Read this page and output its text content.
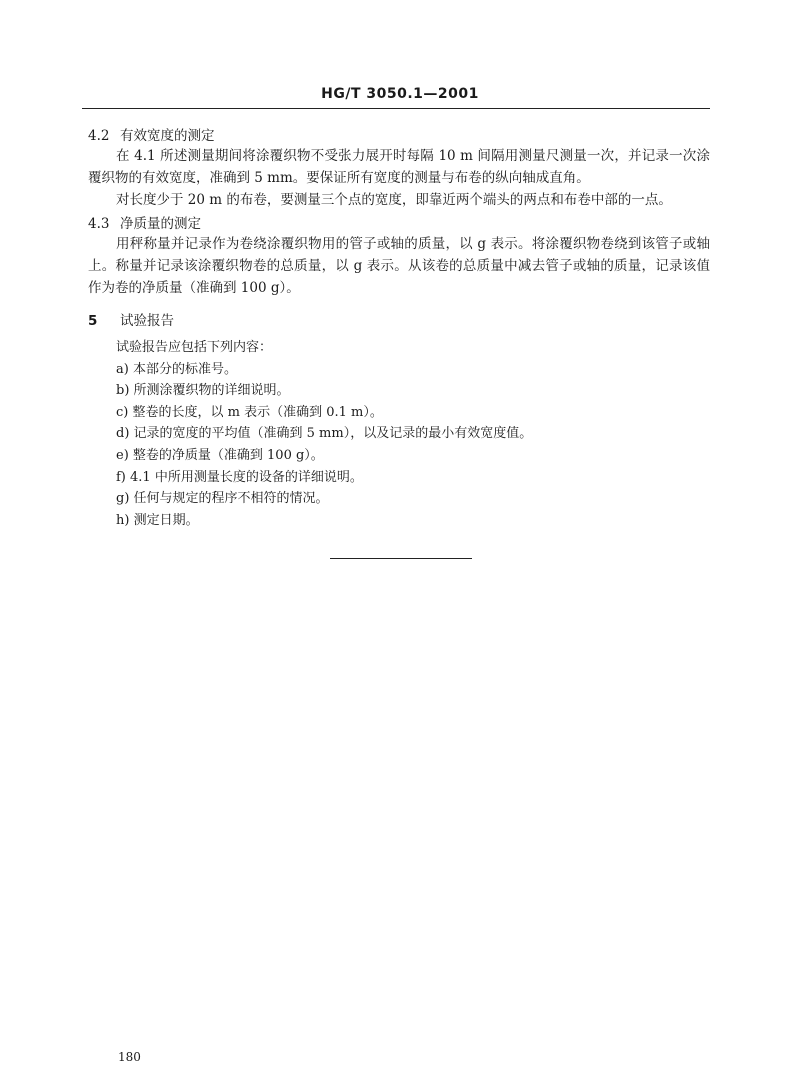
HG/T 3050.1—2001
4.2 有效宽度的测定
在 4.1 所述测量期间将涂覆织物不受张力展开时每隔 10 m 间隔用测量尺测量一次，并记录一次涂覆织物的有效宽度，准确到 5 mm。要保证所有宽度的测量与布卷的纵向轴成直角。
对长度少于 20 m 的布卷，要测量三个点的宽度，即靠近两个端头的两点和布卷中部的一点。
4.3 净质量的测定
用秤称量并记录作为卷绕涂覆织物用的管子或轴的质量，以 g 表示。将涂覆织物卷绕到该管子或轴上。称量并记录该涂覆织物卷的总质量，以 g 表示。从该卷的总质量中减去管子或轴的质量，记录该值作为卷的净质量（准确到 100 g）。
5 试验报告
试验报告应包括下列内容：
a) 本部分的标准号。
b) 所测涂覆织物的详细说明。
c) 整卷的长度，以 m 表示（准确到 0.1 m）。
d) 记录的宽度的平均值（准确到 5 mm），以及记录的最小有效宽度值。
e) 整卷的净质量（准确到 100 g）。
f) 4.1 中所用测量长度的设备的详细说明。
g) 任何与规定的程序不相符的情况。
h) 测定日期。
180
